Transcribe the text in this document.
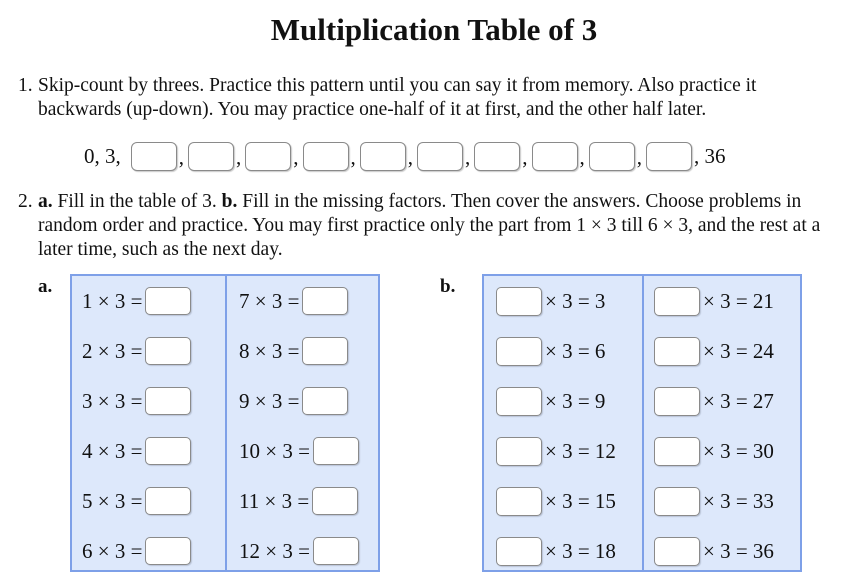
Multiplication Table of 3
1. Skip-count by threes. Practice this pattern until you can say it from memory. Also practice it backwards (up-down). You may practice one-half of it at first, and the other half later.
0, 3,	, , , , , , , , , , 36
2. a. Fill in the table of 3. b. Fill in the missing factors. Then cover the answers. Choose problems in random order and practice. You may first practice only the part from 1 × 3 till 6 × 3, and the rest at a later time, such as the next day.
a.	b.
1 × 3 =
2 × 3 =
3 × 3 =
4 × 3 =
5 × 3 =
6 × 3 =
7 × 3 =
8 × 3 =
9 × 3 =
10 × 3 =
11 × 3 =
12 × 3 =
× 3 = 3
× 3 = 6
× 3 = 9
× 3 = 12
× 3 = 15
× 3 = 18
× 3 = 21
× 3 = 24
× 3 = 27
× 3 = 30
× 3 = 33
× 3 = 36
